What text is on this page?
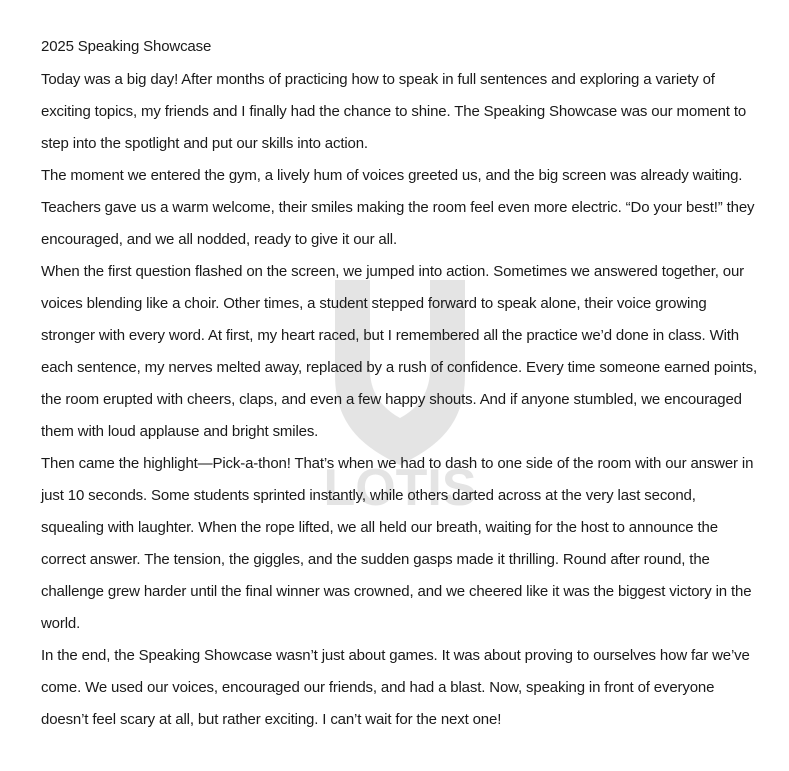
LOTIS
2025 Speaking Showcase

Today was a big day! After months of practicing how to speak in full sentences and exploring a variety of exciting topics, my friends and I finally had the chance to shine. The Speaking Showcase was our moment to step into the spotlight and put our skills into action.

The moment we entered the gym, a lively hum of voices greeted us, and the big screen was already waiting. Teachers gave us a warm welcome, their smiles making the room feel even more electric. “Do your best!” they encouraged, and we all nodded, ready to give it our all.

When the first question flashed on the screen, we jumped into action. Sometimes we answered together, our voices blending like a choir. Other times, a student stepped forward to speak alone, their voice growing stronger with every word. At first, my heart raced, but I remembered all the practice we’d done in class. With each sentence, my nerves melted away, replaced by a rush of confidence. Every time someone earned points, the room erupted with cheers, claps, and even a few happy shouts. And if anyone stumbled, we encouraged them with loud applause and bright smiles.

Then came the highlight—Pick-a-thon! That’s when we had to dash to one side of the room with our answer in just 10 seconds. Some students sprinted instantly, while others darted across at the very last second, squealing with laughter. When the rope lifted, we all held our breath, waiting for the host to announce the correct answer. The tension, the giggles, and the sudden gasps made it thrilling. Round after round, the challenge grew harder until the final winner was crowned, and we cheered like it was the biggest victory in the world.

In the end, the Speaking Showcase wasn’t just about games. It was about proving to ourselves how far we’ve come. We used our voices, encouraged our friends, and had a blast. Now, speaking in front of everyone doesn’t feel scary at all, but rather exciting. I can’t wait for the next one!
